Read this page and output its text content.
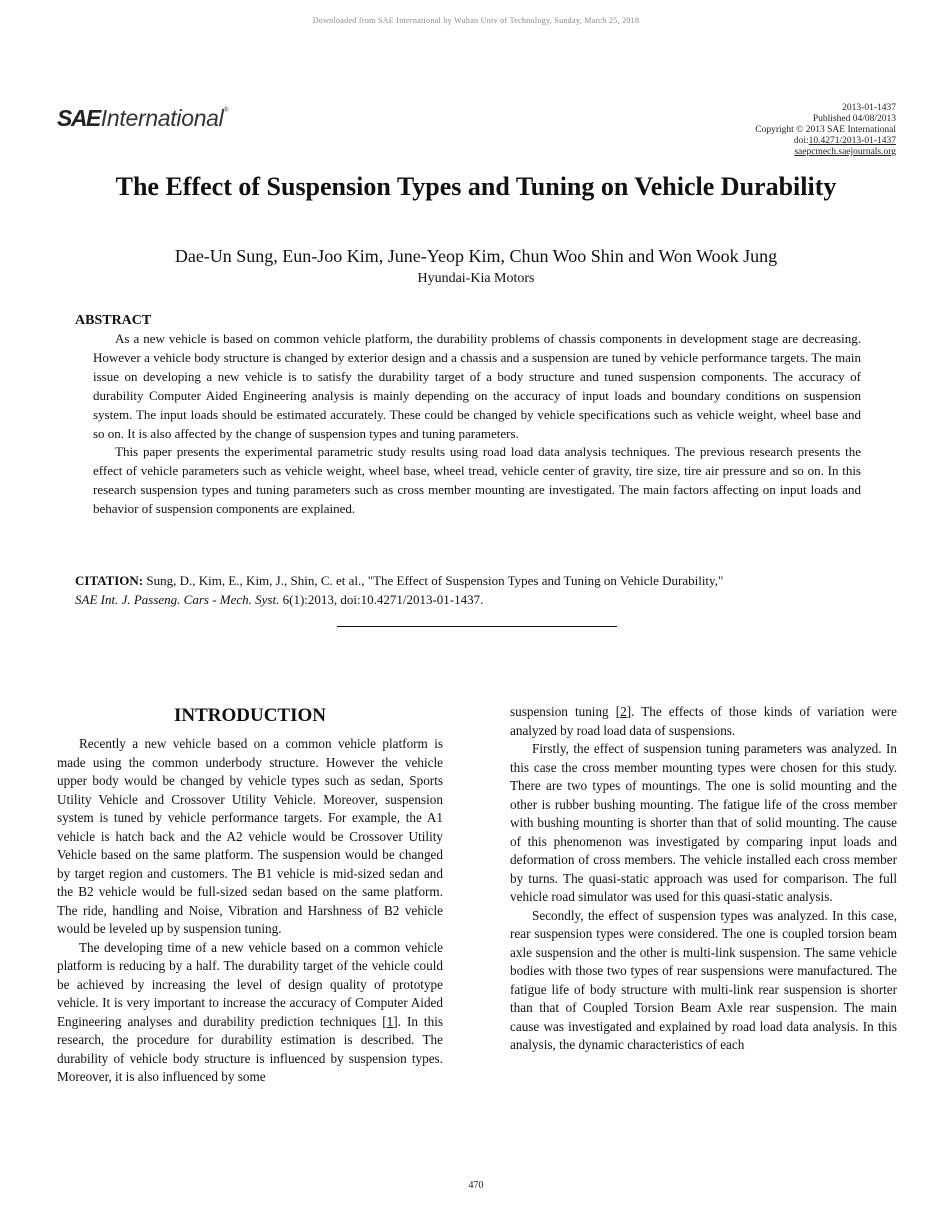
Downloaded from SAE International by Wuhan Univ of Technology, Sunday, March 25, 2018
SAE International ®	2013-01-1437
Published 04/08/2013
Copyright © 2013 SAE International
doi:10.4271/2013-01-1437
saepcmech.saejournals.org
The Effect of Suspension Types and Tuning on Vehicle Durability
Dae-Un Sung, Eun-Joo Kim, June-Yeop Kim, Chun Woo Shin and Won Wook Jung
Hyundai-Kia Motors
ABSTRACT

As a new vehicle is based on common vehicle platform, the durability problems of chassis components in development stage are decreasing. However a vehicle body structure is changed by exterior design and a chassis and a suspension are tuned by vehicle performance targets. The main issue on developing a new vehicle is to satisfy the durability target of a body structure and tuned suspension components. The accuracy of durability Computer Aided Engineering analysis is mainly depending on the accuracy of input loads and boundary conditions on suspension system. The input loads should be estimated accurately. These could be changed by vehicle specifications such as vehicle weight, wheel base and so on. It is also affected by the change of suspension types and tuning parameters.

This paper presents the experimental parametric study results using road load data analysis techniques. The previous research presents the effect of vehicle parameters such as vehicle weight, wheel base, wheel tread, vehicle center of gravity, tire size, tire air pressure and so on. In this research suspension types and tuning parameters such as cross member mounting are investigated. The main factors affecting on input loads and behavior of suspension components are explained.

CITATION: Sung, D., Kim, E., Kim, J., Shin, C. et al., "The Effect of Suspension Types and Tuning on Vehicle Durability,"
SAE Int. J. Passeng. Cars - Mech. Syst. 6(1):2013, doi:10.4271/2013-01-1437.
INTRODUCTION

Recently a new vehicle based on a common vehicle platform is made using the common underbody structure. However the vehicle upper body would be changed by vehicle types such as sedan, Sports Utility Vehicle and Crossover Utility Vehicle. Moreover, suspension system is tuned by vehicle performance targets. For example, the A1 vehicle is hatch back and the A2 vehicle would be Crossover Utility Vehicle based on the same platform. The suspension would be changed by target region and customers. The B1 vehicle is mid-sized sedan and the B2 vehicle would be full-sized sedan based on the same platform. The ride, handling and Noise, Vibration and Harshness of B2 vehicle would be leveled up by suspension tuning.

The developing time of a new vehicle based on a common vehicle platform is reducing by a half. The durability target of the vehicle could be achieved by increasing the level of design quality of prototype vehicle. It is very important to increase the accuracy of Computer Aided Engineering analyses and durability prediction techniques [1]. In this research, the procedure for durability estimation is described. The durability of vehicle body structure is influenced by suspension types. Moreover, it is also influenced by some

suspension tuning [2]. The effects of those kinds of variation were analyzed by road load data of suspensions.

Firstly, the effect of suspension tuning parameters was analyzed. In this case the cross member mounting types were chosen for this study. There are two types of mountings. The one is solid mounting and the other is rubber bushing mounting. The fatigue life of the cross member with bushing mounting is shorter than that of solid mounting. The cause of this phenomenon was investigated by comparing input loads and deformation of cross members. The vehicle installed each cross member by turns. The quasi-static approach was used for comparison. The full vehicle road simulator was used for this quasi-static analysis.

Secondly, the effect of suspension types was analyzed. In this case, rear suspension types were considered. The one is coupled torsion beam axle suspension and the other is multi-link suspension. The same vehicle bodies with those two types of rear suspensions were manufactured. The fatigue life of body structure with multi-link rear suspension is shorter than that of Coupled Torsion Beam Axle rear suspension. The main cause was investigated and explained by road load data analysis. In this analysis, the dynamic characteristics of each

470
